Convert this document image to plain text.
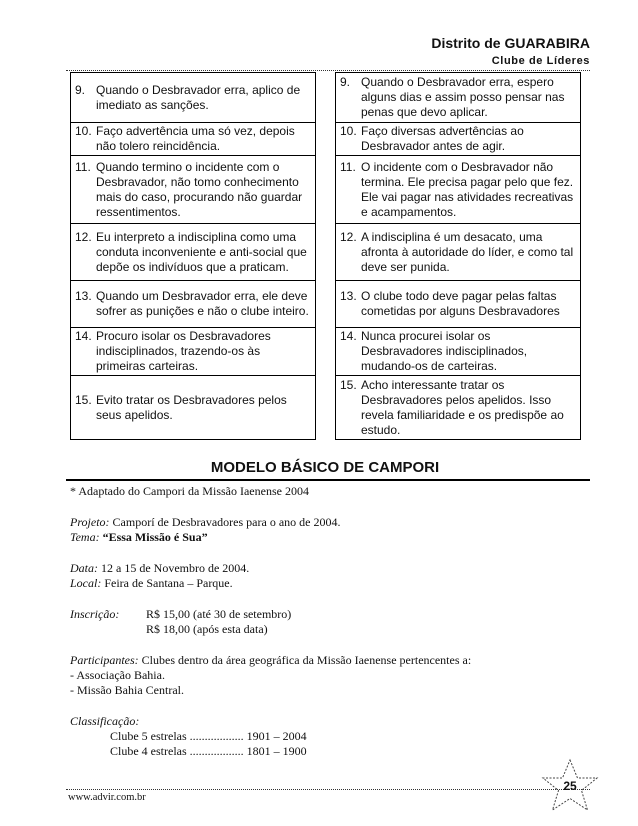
Distrito de GUARABIRA
Clube de Líderes
9. Quando o Desbravador erra, aplico de imediato as sanções.		9. Quando o Desbravador erra, espero alguns dias e assim posso pensar nas penas que devo aplicar.

10. Faço advertência uma só vez, depois não tolero reincidência.		10. Faço diversas advertências ao Desbravador antes de agir.

11. Quando termino o incidente com o Desbravador, não tomo conhecimento mais do caso, procurando não guardar ressentimentos.		11. O incidente com o Desbravador não termina. Ele precisa pagar pelo que fez. Ele vai pagar nas atividades recreativas e acampamentos.

12. Eu interpreto a indisciplina como uma conduta inconveniente e anti-social que depõe os indivíduos que a praticam.		12. A indisciplina é um desacato, uma afronta à autoridade do líder, e como tal deve ser punida.

13. Quando um Desbravador erra, ele deve sofrer as punições e não o clube inteiro.		13. O clube todo deve pagar pelas faltas cometidas por alguns Desbravadores

14. Procuro isolar os Desbravadores indisciplinados, trazendo-os às primeiras carteiras.		14. Nunca procurei isolar os Desbravadores indisciplinados, mudando-os de carteiras.

15. Evito tratar os Desbravadores pelos seus apelidos.		15. Acho interessante tratar os Desbravadores pelos apelidos. Isso revela familiaridade e os predispõe ao estudo.
MODELO BÁSICO DE CAMPORI

* Adaptado do Campori da Missão Iaenense 2004

Projeto: Camporí de Desbravadores para o ano de 2004.

Tema: “Essa Missão é Sua”

Data: 12 a 15 de Novembro de 2004.

Local: Feira de Santana – Parque.

Inscrição: R$ 15,00 (até 30 de setembro)

R$ 18,00 (após esta data)

Participantes: Clubes dentro da área geográfica da Missão Iaenense pertencentes a:

- Associação Bahia.

- Missão Bahia Central.

Classificação:

Clube 5 estrelas .................. 1901 – 2004

Clube 4 estrelas .................. 1801 – 1900

www.advir.com.br
25
